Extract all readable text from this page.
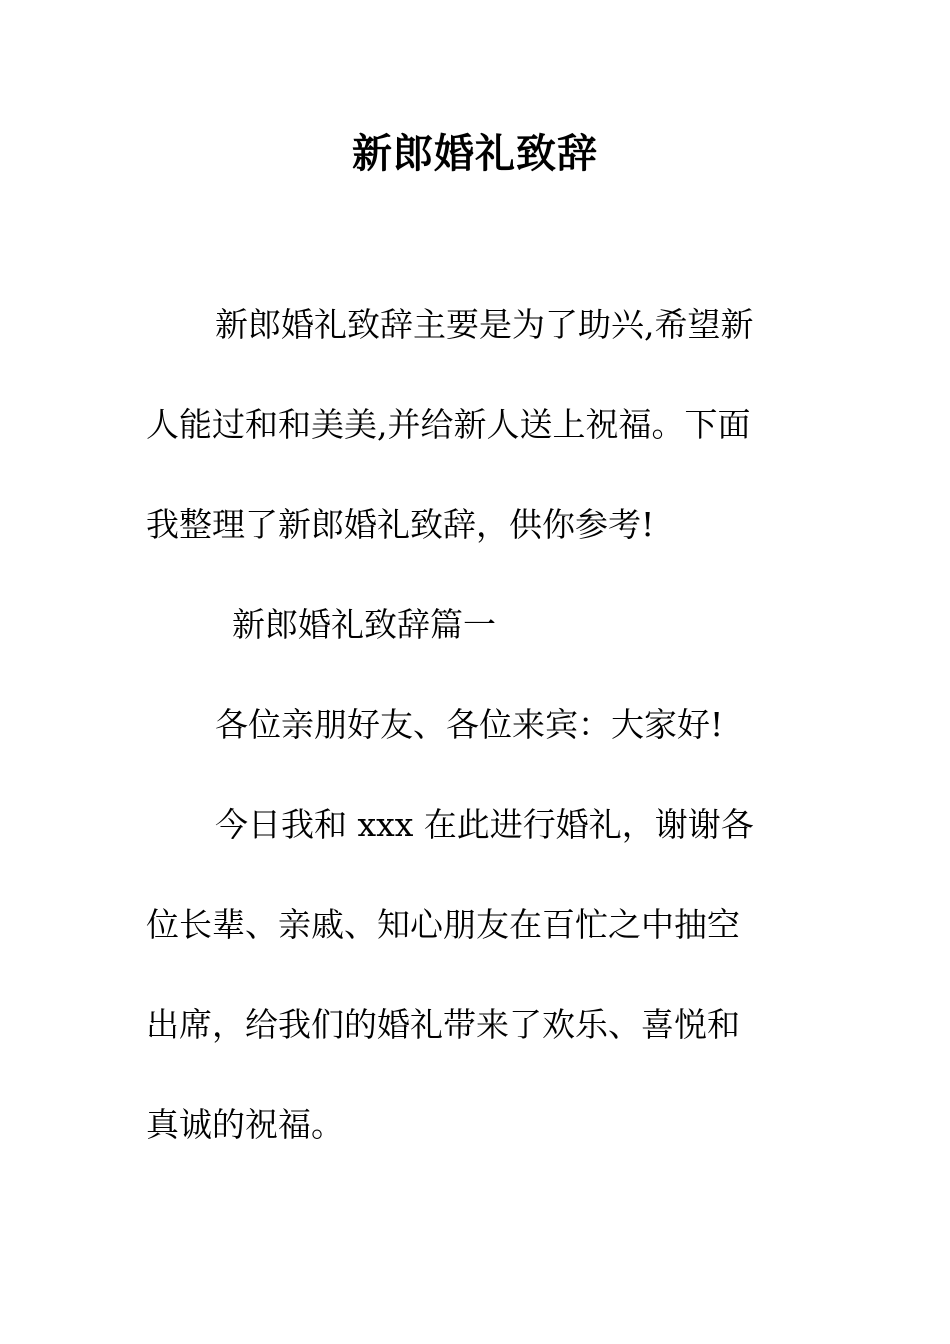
新郎婚礼致辞
新郎婚礼致辞主要是为了助兴,希望新
人能过和和美美,并给新人送上祝福。下面
我整理了新郎婚礼致辞，供你参考!
新郎婚礼致辞篇一
各位亲朋好友、各位来宾：大家好!
今日我和 xxx 在此进行婚礼，谢谢各
位长辈、亲戚、知心朋友在百忙之中抽空
出席，给我们的婚礼带来了欢乐、喜悦和
真诚的祝福。
